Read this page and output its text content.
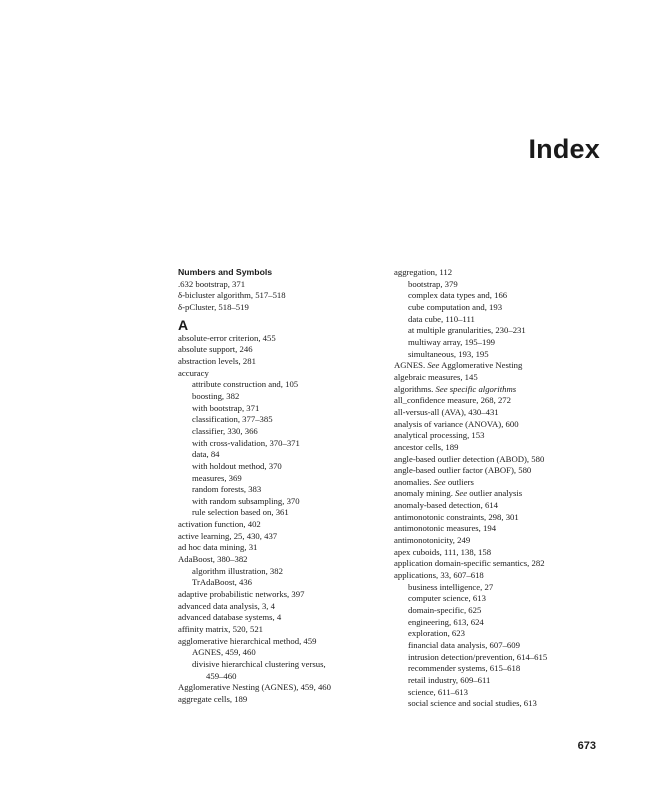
Index
Numbers and Symbols
.632 bootstrap, 371
δ-bicluster algorithm, 517–518
δ-pCluster, 518–519
A
absolute-error criterion, 455
absolute support, 246
abstraction levels, 281
accuracy
attribute construction and, 105
boosting, 382
with bootstrap, 371
classification, 377–385
classifier, 330, 366
with cross-validation, 370–371
data, 84
with holdout method, 370
measures, 369
random forests, 383
with random subsampling, 370
rule selection based on, 361
activation function, 402
active learning, 25, 430, 437
ad hoc data mining, 31
AdaBoost, 380–382
algorithm illustration, 382
TrAdaBoost, 436
adaptive probabilistic networks, 397
advanced data analysis, 3, 4
advanced database systems, 4
affinity matrix, 520, 521
agglomerative hierarchical method, 459
AGNES, 459, 460
divisive hierarchical clustering versus,
459–460
Agglomerative Nesting (AGNES), 459, 460
aggregate cells, 189
aggregation, 112
bootstrap, 379
complex data types and, 166
cube computation and, 193
data cube, 110–111
at multiple granularities, 230–231
multiway array, 195–199
simultaneous, 193, 195
AGNES. See Agglomerative Nesting
algebraic measures, 145
algorithms. See specific algorithms
all_confidence measure, 268, 272
all-versus-all (AVA), 430–431
analysis of variance (ANOVA), 600
analytical processing, 153
ancestor cells, 189
angle-based outlier detection (ABOD), 580
angle-based outlier factor (ABOF), 580
anomalies. See outliers
anomaly mining. See outlier analysis
anomaly-based detection, 614
antimonotonic constraints, 298, 301
antimonotonic measures, 194
antimonotonicity, 249
apex cuboids, 111, 138, 158
application domain-specific semantics, 282
applications, 33, 607–618
business intelligence, 27
computer science, 613
domain-specific, 625
engineering, 613, 624
exploration, 623
financial data analysis, 607–609
intrusion detection/prevention, 614–615
recommender systems, 615–618
retail industry, 609–611
science, 611–613
social science and social studies, 613
673
